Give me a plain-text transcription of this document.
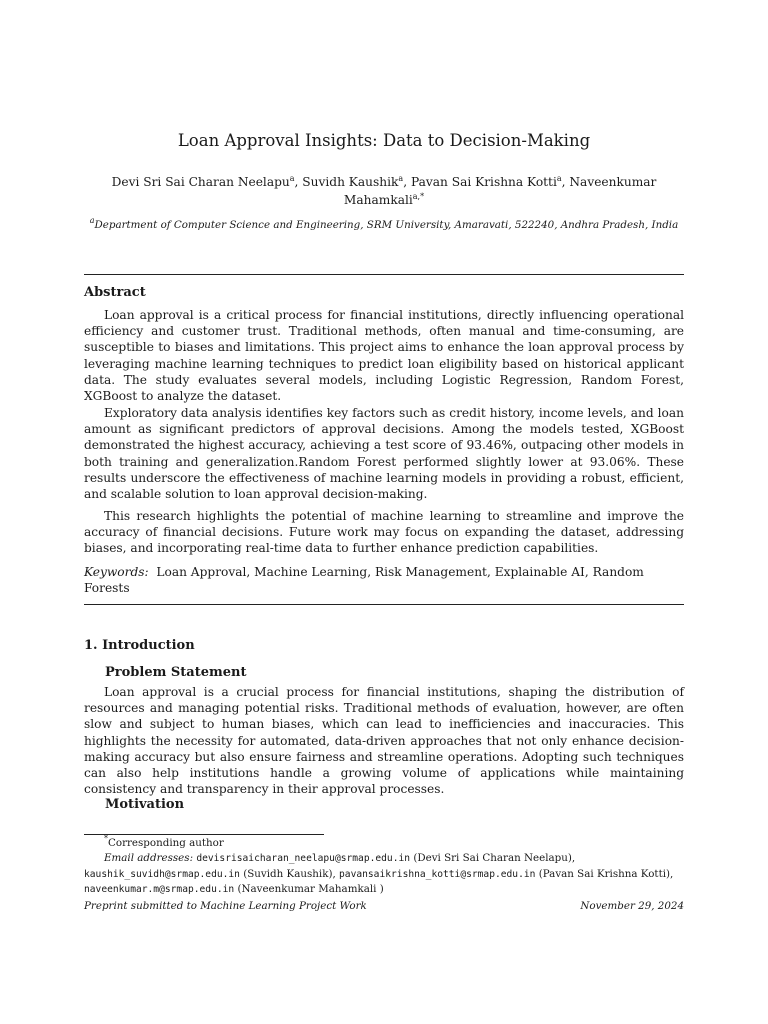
Loan Approval Insights: Data to Decision-Making
Devi Sri Sai Charan Neelapu$^a$, Suvidh Kaushik$^a$, Pavan Sai Krishna Kotti$^a$, Naveenkumar Mahamkali$^{a,*}$
$^a$Department of Computer Science and Engineering, SRM University, Amaravati, 522240, Andhra Pradesh, India
Abstract
Loan approval is a critical process for financial institutions, directly influencing operational efficiency and customer trust. Traditional methods, often manual and time-consuming, are susceptible to biases and limitations. This project aims to enhance the loan approval process by leveraging machine learning techniques to predict loan eligibility based on historical applicant data. The study evaluates several models, including Logistic Regression, Random Forest, XGBoost to analyze the dataset.
Exploratory data analysis identifies key factors such as credit history, income levels, and loan amount as significant predictors of approval decisions. Among the models tested, XGBoost demonstrated the highest accuracy, achieving a test score of 93.46%, outpacing other models in both training and generalization.Random Forest performed slightly lower at 93.06%. These results underscore the effectiveness of machine learning models in providing a robust, efficient, and scalable solution to loan approval decision-making.
This research highlights the potential of machine learning to streamline and improve the accuracy of financial decisions. Future work may focus on expanding the dataset, addressing biases, and incorporating real-time data to further enhance prediction capabilities.
Keywords: Loan Approval, Machine Learning, Risk Management, Explainable AI, Random Forests
1. Introduction
Problem Statement
Loan approval is a crucial process for financial institutions, shaping the distribution of resources and managing potential risks. Traditional methods of evaluation, however, are often slow and subject to human biases, which can lead to inefficiencies and inaccuracies. This highlights the necessity for automated, data-driven approaches that not only enhance decision-making accuracy but also ensure fairness and streamline operations. Adopting such techniques can also help institutions handle a growing volume of applications while maintaining consistency and transparency in their approval processes.
Motivation
*Corresponding author
Email addresses: devisrisaicharan_neelapu@srmap.edu.in (Devi Sri Sai Charan Neelapu),
kaushik_suvidh@srmap.edu.in (Suvidh Kaushik), pavansaikrishna_kotti@srmap.edu.in (Pavan Sai Krishna Kotti), naveenkumar.m@srmap.edu.in (Naveenkumar Mahamkali )
Preprint submitted to Machine Learning Project Work	November 29, 2024
